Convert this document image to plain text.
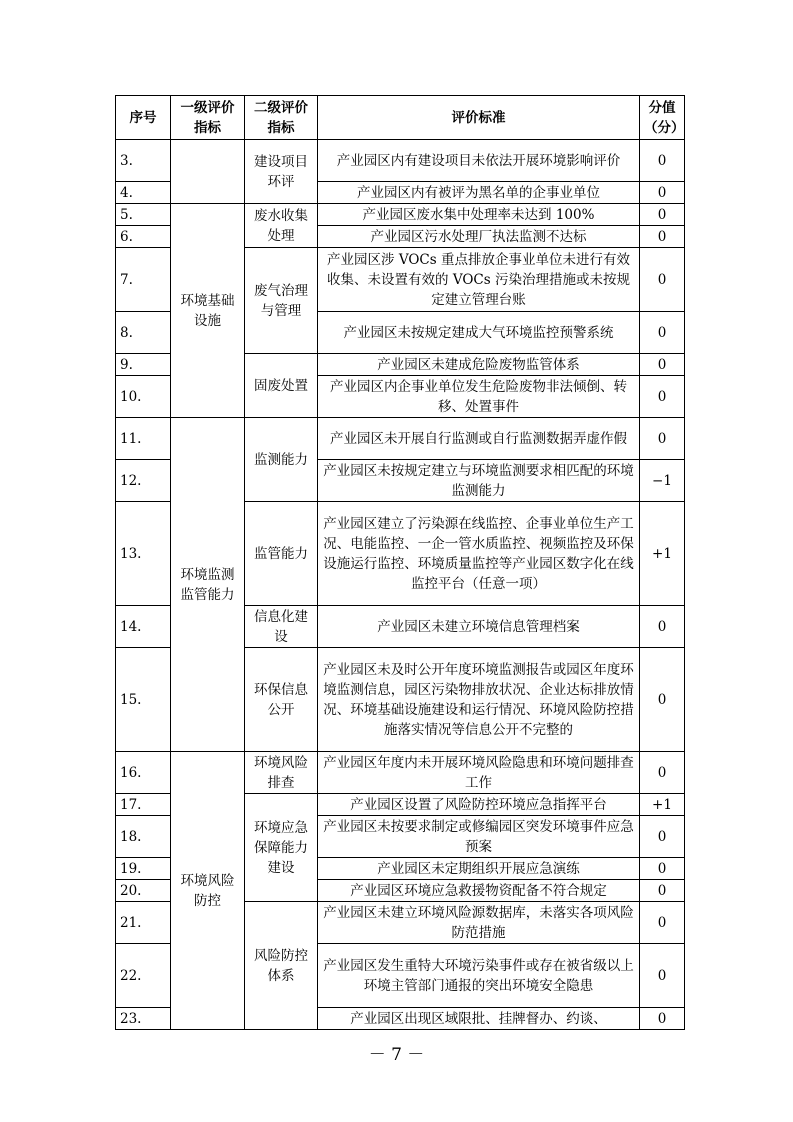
序号	一级评价指标	二级评价指标	评价标准	分值（分）
3.		建设项目环评	产业园区内有建设项目未依法开展环境影响评价	0
4.			产业园区内有被评为黑名单的企事业单位	0
5.	环境基础设施	废水收集处理	产业园区废水集中处理率未达到 100%	0
6.			产业园区污水处理厂执法监测不达标	0
7.		废气治理与管理	产业园区涉 VOCs 重点排放企事业单位未进行有效收集、未设置有效的 VOCs 污染治理措施或未按规定建立管理台账	0
8.			产业园区未按规定建成大气环境监控预警系统	0
9.		固废处置	产业园区未建成危险废物监管体系	0
10.			产业园区内企事业单位发生危险废物非法倾倒、转移、处置事件	0
11.	环境监测监管能力	监测能力	产业园区未开展自行监测或自行监测数据弄虚作假	0
12.			产业园区未按规定建立与环境监测要求相匹配的环境监测能力	−1
13.		监管能力	产业园区建立了污染源在线监控、企事业单位生产工况、电能监控、一企一管水质监控、视频监控及环保设施运行监控、环境质量监控等产业园区数字化在线监控平台（任意一项）	+1
14.		信息化建设	产业园区未建立环境信息管理档案	0
15.		环保信息公开	产业园区未及时公开年度环境监测报告或园区年度环境监测信息，园区污染物排放状况、企业达标排放情况、环境基础设施建设和运行情况、环境风险防控措施落实情况等信息公开不完整的	0
16.	环境风险防控	环境风险排查	产业园区年度内未开展环境风险隐患和环境问题排查工作	0
17.		环境应急保障能力建设	产业园区设置了风险防控环境应急指挥平台	+1
18.			产业园区未按要求制定或修编园区突发环境事件应急预案	0
19.			产业园区未定期组织开展应急演练	0
20.			产业园区环境应急救援物资配备不符合规定	0
21.		风险防控体系	产业园区未建立环境风险源数据库，未落实各项风险防范措施	0
22.			产业园区发生重特大环境污染事件或存在被省级以上环境主管部门通报的突出环境安全隐患	0
23.			产业园区出现区域限批、挂牌督办、约谈、	0
－ 7 －
